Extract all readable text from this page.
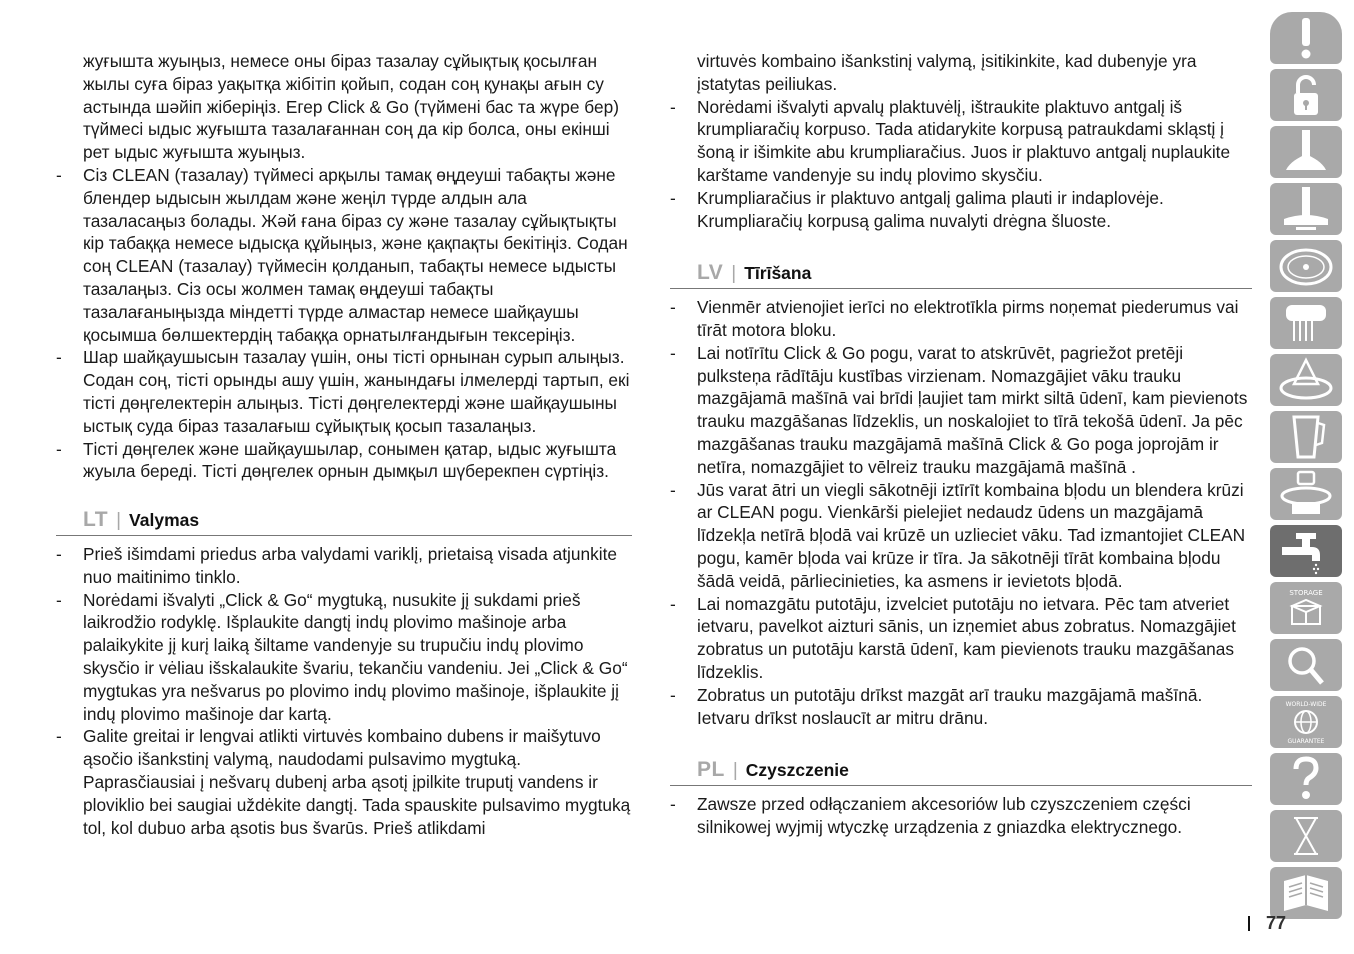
жуғышта жуыңыз, немесе оны біраз тазалау сұйықтық қосылған жылы суға біраз уақытқа жібітіп қойып, содан соң қунақы ағын су астында шәйіп жіберіңіз. Егер Click & Go (түймені бас та жүре бер) түймесі ыдыс жуғышта тазалағаннан соң да кір болса, оны екінші рет ыдыс жуғышта жуыңыз.

- Сіз CLEAN (тазалау) түймесі арқылы тамақ өңдеуші табақты және блендер ыдысын жылдам және жеңіл түрде алдын ала тазаласаңыз болады. Жәй ғана біраз су және тазалау сұйықтықты кір табаққа немесе ыдысқа құйыңыз, және қақпақты бекітіңіз. Содан соң CLEAN (тазалау) түймесін қолданып, табақты немесе ыдысты тазалаңыз. Сіз осы жолмен тамақ өңдеуші табақты тазалағаныңызда міндетті түрде алмастар немесе шайқаушы қосымша бөлшектердің табаққа орнатылғандығын тексеріңіз.
- Шар шайқаушысын тазалау үшін, оны тісті орнынан сурып алыңыз. Содан соң, тісті орынды ашу үшін, жанындағы ілмелерді тартып, екі тісті дөңгелектерін алыңыз. Тісті дөңгелектерді және шайқаушыны ыстық суда біраз тазалағыш сұйықтық қосып тазалаңыз.
- Тісті дөңгелек және шайқаушылар, сонымен қатар, ыдыс жуғышта жуыла береді. Тісті дөңгелек орнын дымқыл шүберекпен сүртіңіз.
LT | Valymas
- Prieš išimdami priedus arba valydami variklį, prietaisą visada atjunkite nuo maitinimo tinklo.
- Norėdami išvalyti „Click & Go“ mygtuką, nusukite jį sukdami prieš laikrodžio rodyklę. Išplaukite dangtį indų plovimo mašinoje arba palaikykite jį kurį laiką šiltame vandenyje su trupučiu indų plovimo skysčio ir vėliau išskalaukite švariu, tekančiu vandeniu. Jei „Click & Go“ mygtukas yra nešvarus po plovimo indų plovimo mašinoje, išplaukite jį indų plovimo mašinoje dar kartą.
- Galite greitai ir lengvai atlikti virtuvės kombaino dubens ir maišytuvo ąsočio išankstinį valymą, naudodami pulsavimo mygtuką. Paprasčiausiai į nešvarų dubenį arba ąsotį įpilkite truputį vandens ir ploviklio bei saugiai uždėkite dangtį. Tada spauskite pulsavimo mygtuką tol, kol dubuo arba ąsotis bus švarūs. Prieš atlikdami

virtuvės kombaino išankstinį valymą, įsitikinkite, kad dubenyje yra įstatytas peiliukas.

- Norėdami išvalyti apvalų plaktuvėlį, ištraukite plaktuvo antgalį iš krumpliaračių korpuso. Tada atidarykite korpusą patraukdami skląstį į šoną ir išimkite abu krumpliaračius. Juos ir plaktuvo antgalį nuplaukite karštame vandenyje su indų plovimo skysčiu.
- Krumpliaračius ir plaktuvo antgalį galima plauti ir indaplovėje. Krumpliaračių korpusą galima nuvalyti drėgna šluoste.
LV | Tīrīšana
- Vienmēr atvienojiet ierīci no elektrotīkla pirms noņemat piederumus vai tīrāt motora bloku.
- Lai notīrītu Click & Go pogu, varat to atskrūvēt, pagriežot pretēji pulksteņa rādītāju kustības virzienam. Nomazgājiet vāku trauku mazgājamā mašīnā vai brīdi ļaujiet tam mirkt siltā ūdenī, kam pievienots trauku mazgāšanas līdzeklis, un noskalojiet to tīrā tekošā ūdenī. Ja pēc mazgāšanas trauku mazgājamā mašīnā Click & Go poga joprojām ir netīra, nomazgājiet to vēlreiz trauku mazgājamā mašīnā .
- Jūs varat ātri un viegli sākotnēji iztīrīt kombaina bļodu un blendera krūzi ar CLEAN pogu. Vienkārši pielejiet nedaudz ūdens un mazgājamā līdzekļa netīrā bļodā vai krūzē un uzlieciet vāku. Tad izmantojiet CLEAN pogu, kamēr bļoda vai krūze ir tīra. Ja sākotnēji tīrāt kombaina bļodu šādā veidā, pārliecinieties, ka asmens ir ievietots bļodā.
- Lai nomazgātu putotāju, izvelciet putotāju no ietvara. Pēc tam atveriet ietvaru, pavelkot aizturi sānis, un izņemiet abus zobratus. Nomazgājiet zobratus un putotāju karstā ūdenī, kam pievienots trauku mazgāšanas līdzeklis.
- Zobratus un putotāju drīkst mazgāt arī trauku mazgājamā mašīnā. Ietvaru drīkst noslaucīt ar mitru drānu.
PL | Czyszczenie
- Zawsze przed odłączaniem akcesoriów lub czyszczeniem części silnikowej wyjmij wtyczkę urządzenia z gniazdka elektrycznego.
STORAGE
WORLD-WIDE
GUARANTEE
77
